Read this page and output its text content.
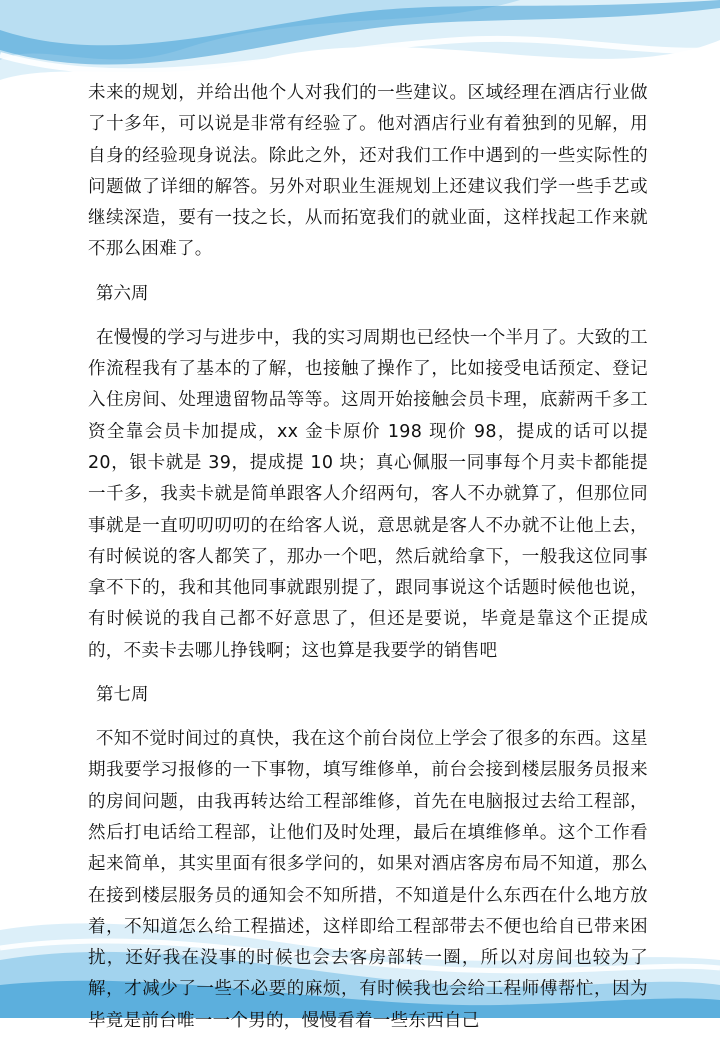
未来的规划，并给出他个人对我们的一些建议。区域经理在酒店行业做了十多年，可以说是非常有经验了。他对酒店行业有着独到的见解，用自身的经验现身说法。除此之外，还对我们工作中遇到的一些实际性的问题做了详细的解答。另外对职业生涯规划上还建议我们学一些手艺或继续深造，要有一技之长，从而拓宽我们的就业面，这样找起工作来就不那么困难了。

第六周

在慢慢的学习与进步中，我的实习周期也已经快一个半月了。大致的工作流程我有了基本的了解，也接触了操作了，比如接受电话预定、登记入住房间、处理遗留物品等等。这周开始接触会员卡理，底薪两千多工资全靠会员卡加提成，xx 金卡原价 198 现价 98，提成的话可以提 20，银卡就是 39，提成提 10 块；真心佩服一同事每个月卖卡都能提一千多，我卖卡就是简单跟客人介绍两句，客人不办就算了，但那位同事就是一直叨叨叨叨的在给客人说，意思就是客人不办就不让他上去，有时候说的客人都笑了，那办一个吧，然后就给拿下，一般我这位同事拿不下的，我和其他同事就跟别提了，跟同事说这个话题时候他也说，有时候说的我自己都不好意思了，但还是要说，毕竟是靠这个正提成的，不卖卡去哪儿挣钱啊；这也算是我要学的销售吧

第七周

不知不觉时间过的真快，我在这个前台岗位上学会了很多的东西。这星期我要学习报修的一下事物，填写维修单，前台会接到楼层服务员报来的房间问题，由我再转达给工程部维修，首先在电脑报过去给工程部，然后打电话给工程部，让他们及时处理，最后在填维修单。这个工作看起来简单，其实里面有很多学问的，如果对酒店客房布局不知道，那么在接到楼层服务员的通知会不知所措，不知道是什么东西在什么地方放着，不知道怎么给工程描述，这样即给工程部带去不便也给自已带来困扰，还好我在没事的时候也会去客房部转一圈，所以对房间也较为了解，才减少了一些不必要的麻烦，有时候我也会给工程师傅帮忙，因为毕竟是前台唯一一个男的，慢慢看着一些东西自己
